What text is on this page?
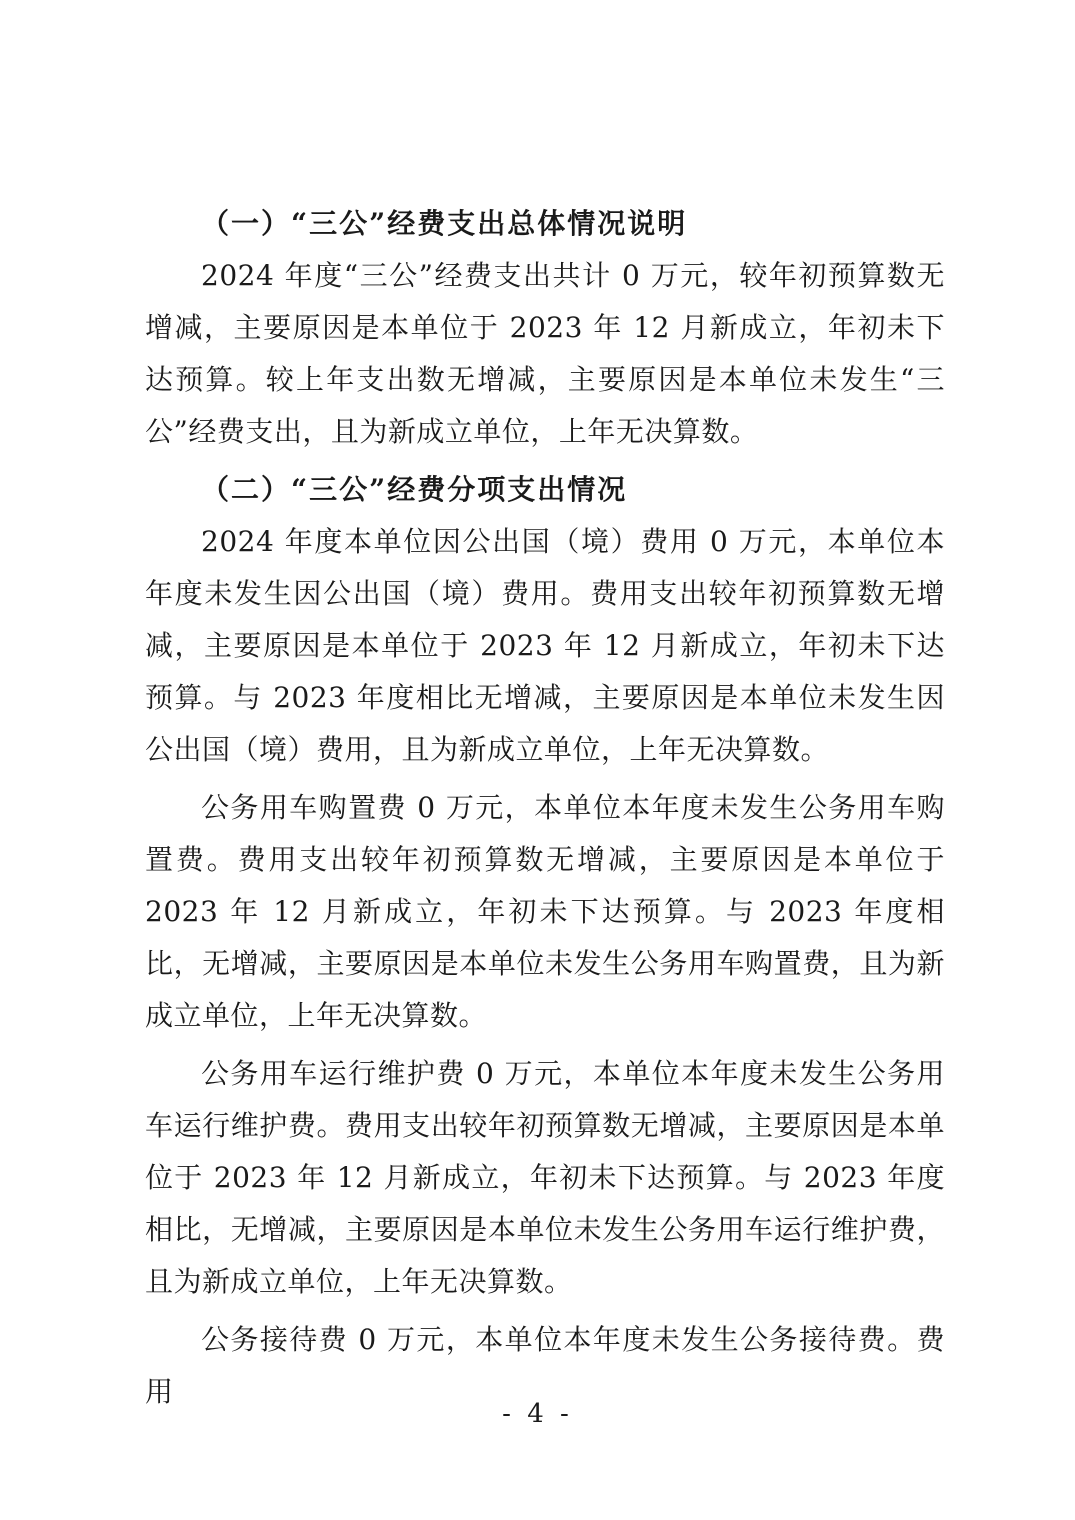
（一）“三公”经费支出总体情况说明

2024 年度“三公”经费支出共计 0 万元，较年初预算数无增减，主要原因是本单位于 2023 年 12 月新成立，年初未下达预算。较上年支出数无增减，主要原因是本单位未发生“三公”经费支出，且为新成立单位，上年无决算数。

（二）“三公”经费分项支出情况

2024 年度本单位因公出国（境）费用 0 万元，本单位本年度未发生因公出国（境）费用。费用支出较年初预算数无增减，主要原因是本单位于 2023 年 12 月新成立，年初未下达预算。与 2023 年度相比无增减，主要原因是本单位未发生因公出国（境）费用，且为新成立单位，上年无决算数。

公务用车购置费 0 万元，本单位本年度未发生公务用车购置费。费用支出较年初预算数无增减，主要原因是本单位于 2023 年 12 月新成立，年初未下达预算。与 2023 年度相比，无增减，主要原因是本单位未发生公务用车购置费，且为新成立单位，上年无决算数。

公务用车运行维护费 0 万元，本单位本年度未发生公务用车运行维护费。费用支出较年初预算数无增减，主要原因是本单位于 2023 年 12 月新成立，年初未下达预算。与 2023 年度相比，无增减，主要原因是本单位未发生公务用车运行维护费，且为新成立单位，上年无决算数。

公务接待费 0 万元，本单位本年度未发生公务接待费。费用

- 4 -
